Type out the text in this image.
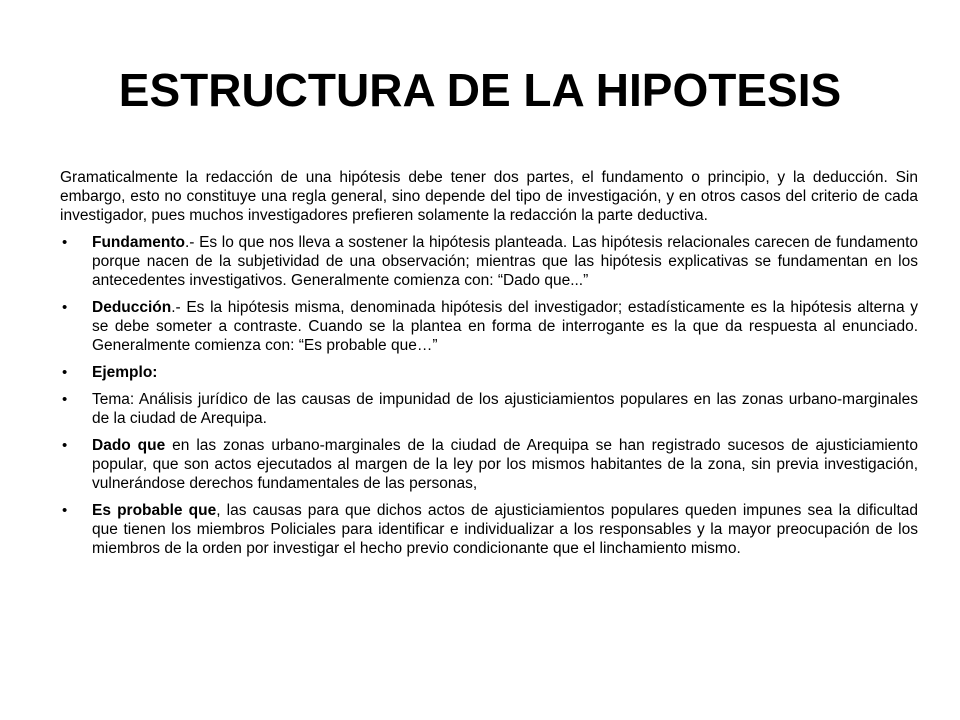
ESTRUCTURA DE LA HIPOTESIS

Gramaticalmente la redacción de una hipótesis debe tener dos partes, el fundamento o principio, y la deducción. Sin embargo, esto no constituye una regla general, sino depende del tipo de investigación, y en otros casos del criterio de cada investigador, pues muchos investigadores prefieren solamente la redacción la parte deductiva.

• Fundamento.- Es lo que nos lleva a sostener la hipótesis planteada. Las hipótesis relacionales carecen de fundamento porque nacen de la subjetividad de una observación; mientras que las hipótesis explicativas se fundamentan en los antecedentes investigativos. Generalmente comienza con: “Dado que...”
• Deducción.- Es la hipótesis misma, denominada hipótesis del investigador; estadísticamente es la hipótesis alterna y se debe someter a contraste. Cuando se la plantea en forma de interrogante es la que da respuesta al enunciado. Generalmente comienza con: “Es probable que…”
• Ejemplo:
• Tema: Análisis jurídico de las causas de impunidad de los ajusticiamientos populares en las zonas urbano-marginales de la ciudad de Arequipa.
• Dado que en las zonas urbano-marginales de la ciudad de Arequipa se han registrado sucesos de ajusticiamiento popular, que son actos ejecutados al margen de la ley por los mismos habitantes de la zona, sin previa investigación, vulnerándose derechos fundamentales de las personas,
• Es probable que, las causas para que dichos actos de ajusticiamientos populares queden impunes sea la dificultad que tienen los miembros Policiales para identificar e individualizar a los responsables y la mayor preocupación de los miembros de la orden por investigar el hecho previo condicionante que el linchamiento mismo.
